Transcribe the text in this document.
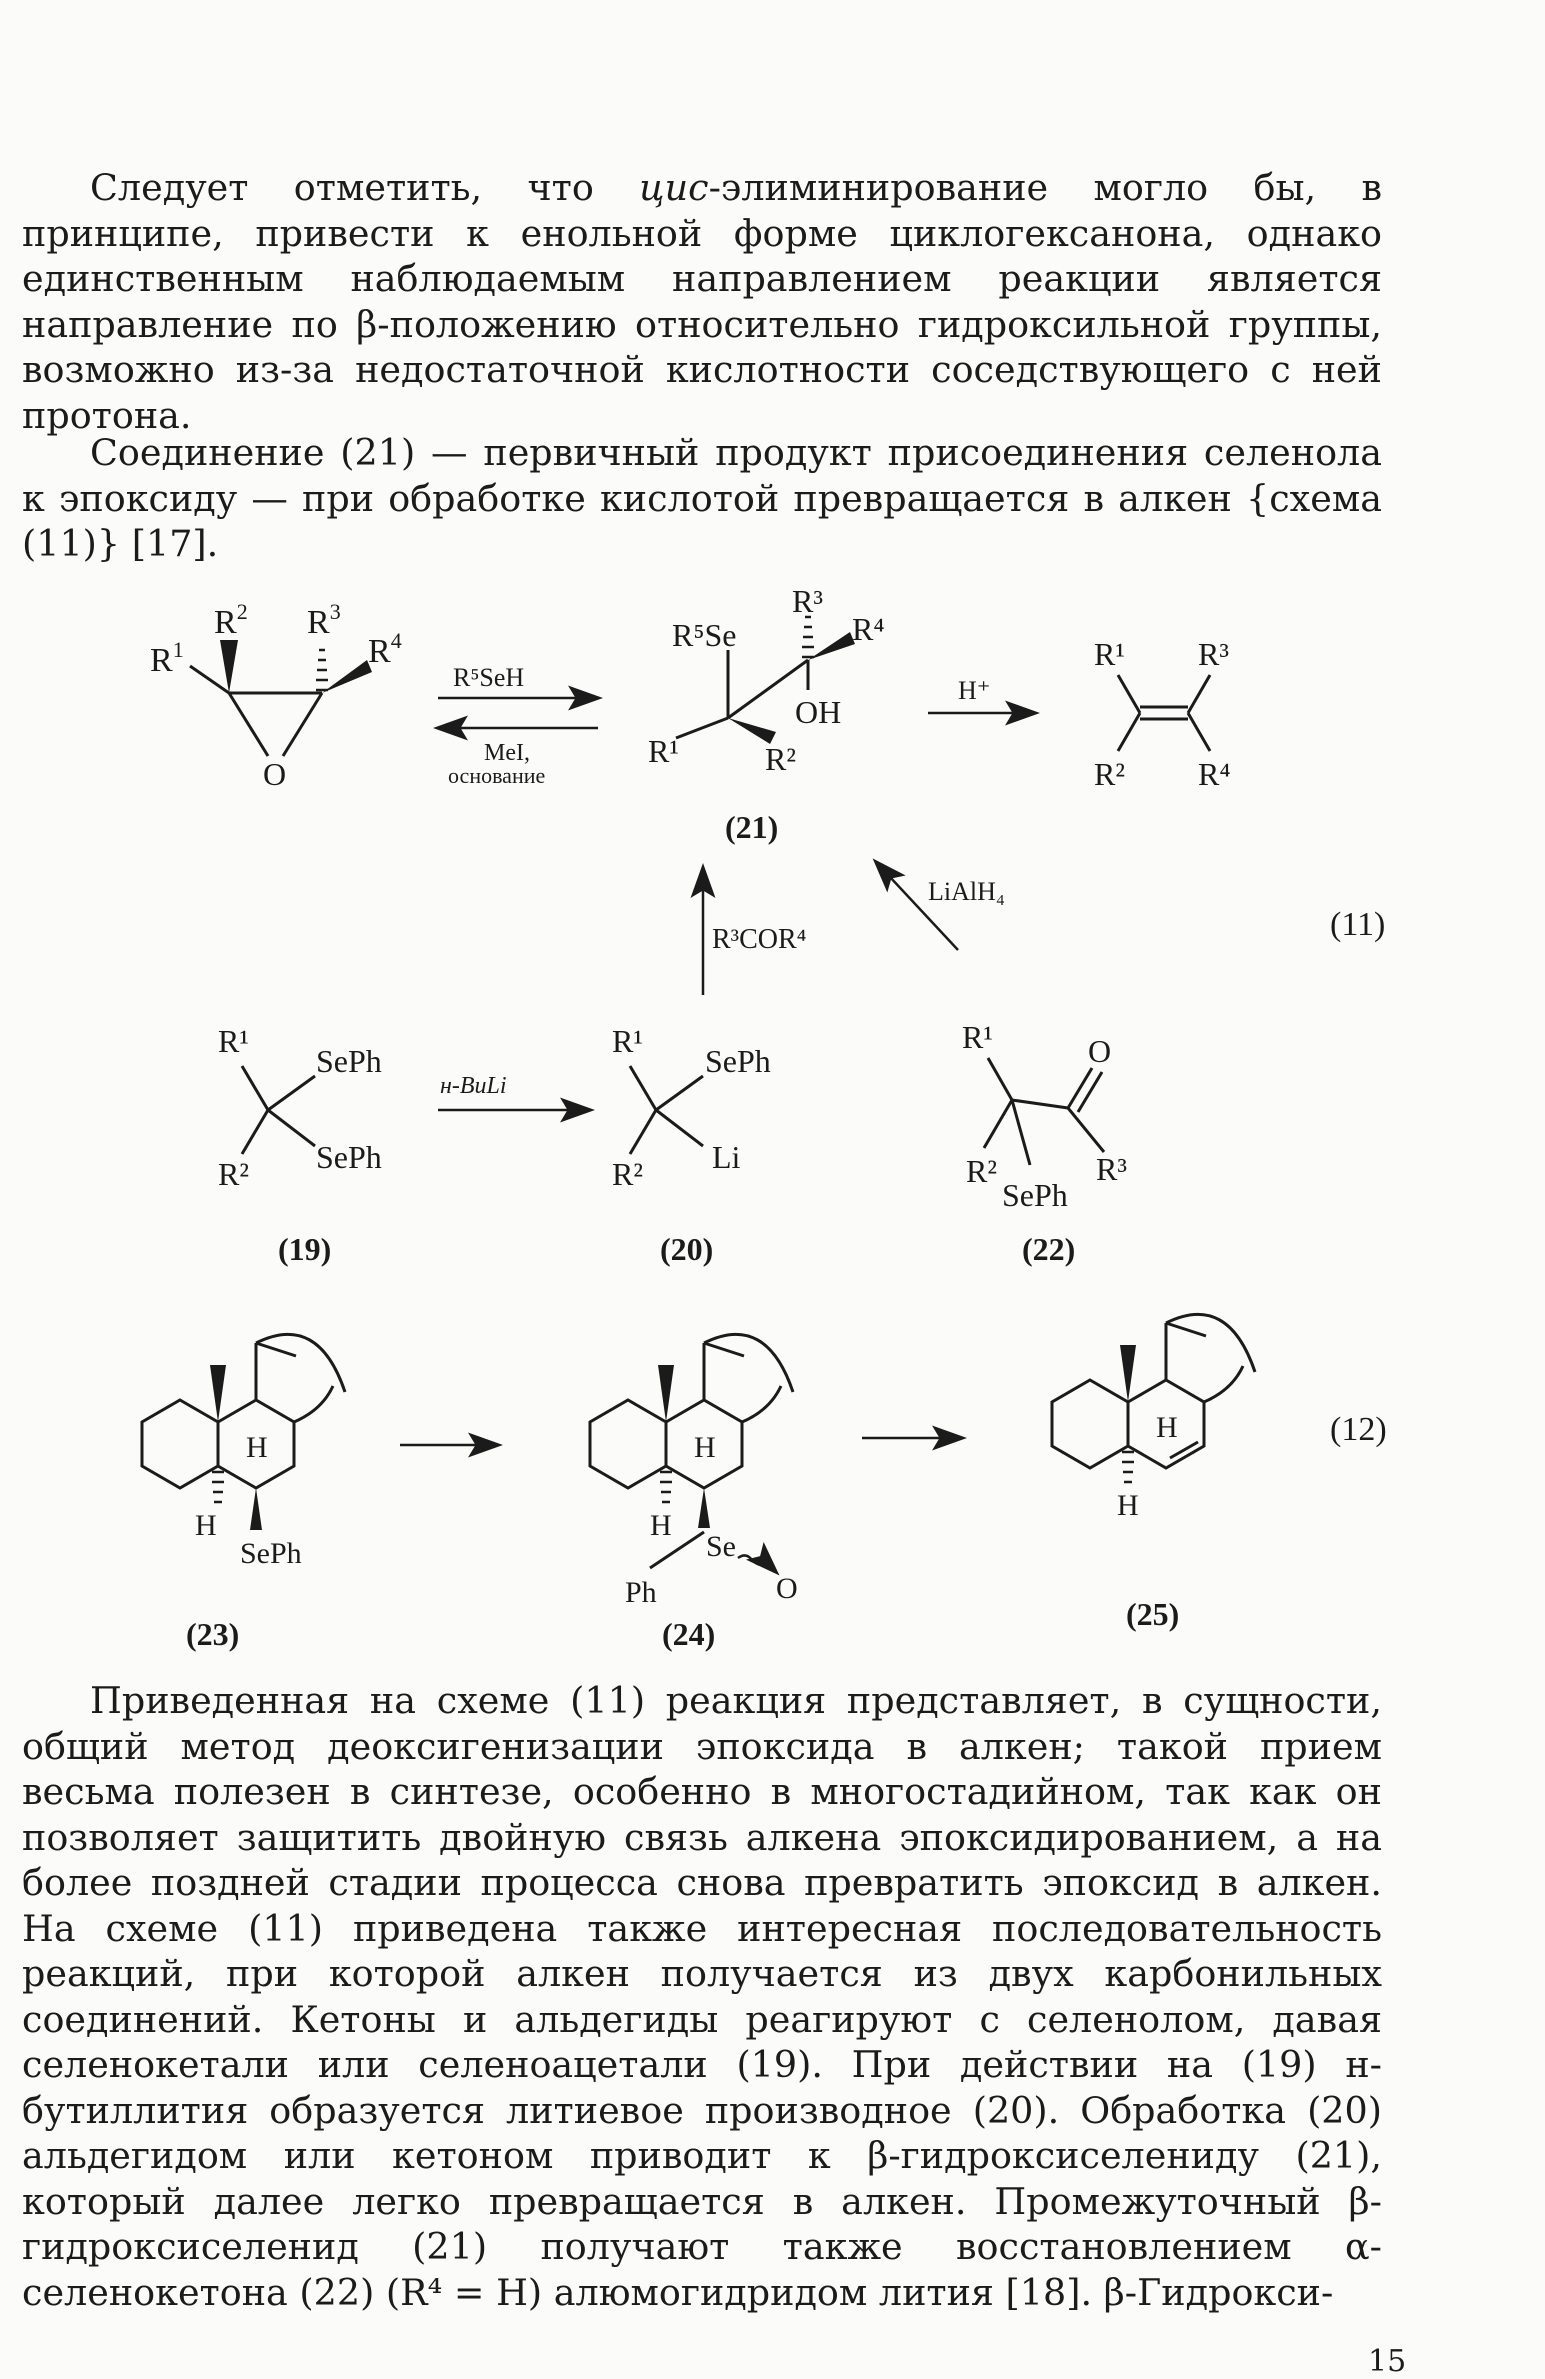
Следует отметить, что цис-элиминирование могло бы, в принципе, привести к енольной форме циклогексанона, однако единственным наблюдаемым направлением реакции является направление по β-положению относительно гидроксильной группы, возможно из-за недостаточной кислотности соседствующего с ней протона.

Соединение (21) — первичный продукт присоединения селенола к эпоксиду — при обработке кислотой превращается в алкен {схема (11)} [17].

$R^1$
$R^2$ $R^3$
$R^4$
O
R⁵SeH
MeI,
основание
R⁵Se
R³
R⁴
OH
R¹	R²
(21)
H⁺
R¹ R³
R² R⁴
R³COR⁴
LiAlH₄
(11)
R¹
R²
SePh
SePh
(19)
н-BuLi
R¹
R²
SePh
Li
(20)
R¹	O
R²	R³
SePh
(22)
H
H
SePh
(23)
H
H
Se
Ph	O
(24)
H
H
(25)
(12)

Приведенная на схеме (11) реакция представляет, в сущности, общий метод деоксигенизации эпоксида в алкен; такой прием весьма полезен в синтезе, особенно в многостадийном, так как он позволяет защитить двойную связь алкена эпоксидированием, а на более поздней стадии процесса снова превратить эпоксид в алкен. На схеме (11) приведена также интересная последовательность реакций, при которой алкен получается из двух карбонильных соединений. Кетоны и альдегиды реагируют с селенолом, давая селенокетали или селеноацетали (19). При действии на (19) н-бутиллития образуется литиевое производное (20). Обработка (20) альдегидом или кетоном приводит к β-гидроксиселениду (21), который далее легко превращается в алкен. Промежуточный β-гидроксиселенид (21) получают также восстановлением α-селенокетона (22) (R⁴ = H) алюмогидридом лития [18]. β-Гидрокси-

15
